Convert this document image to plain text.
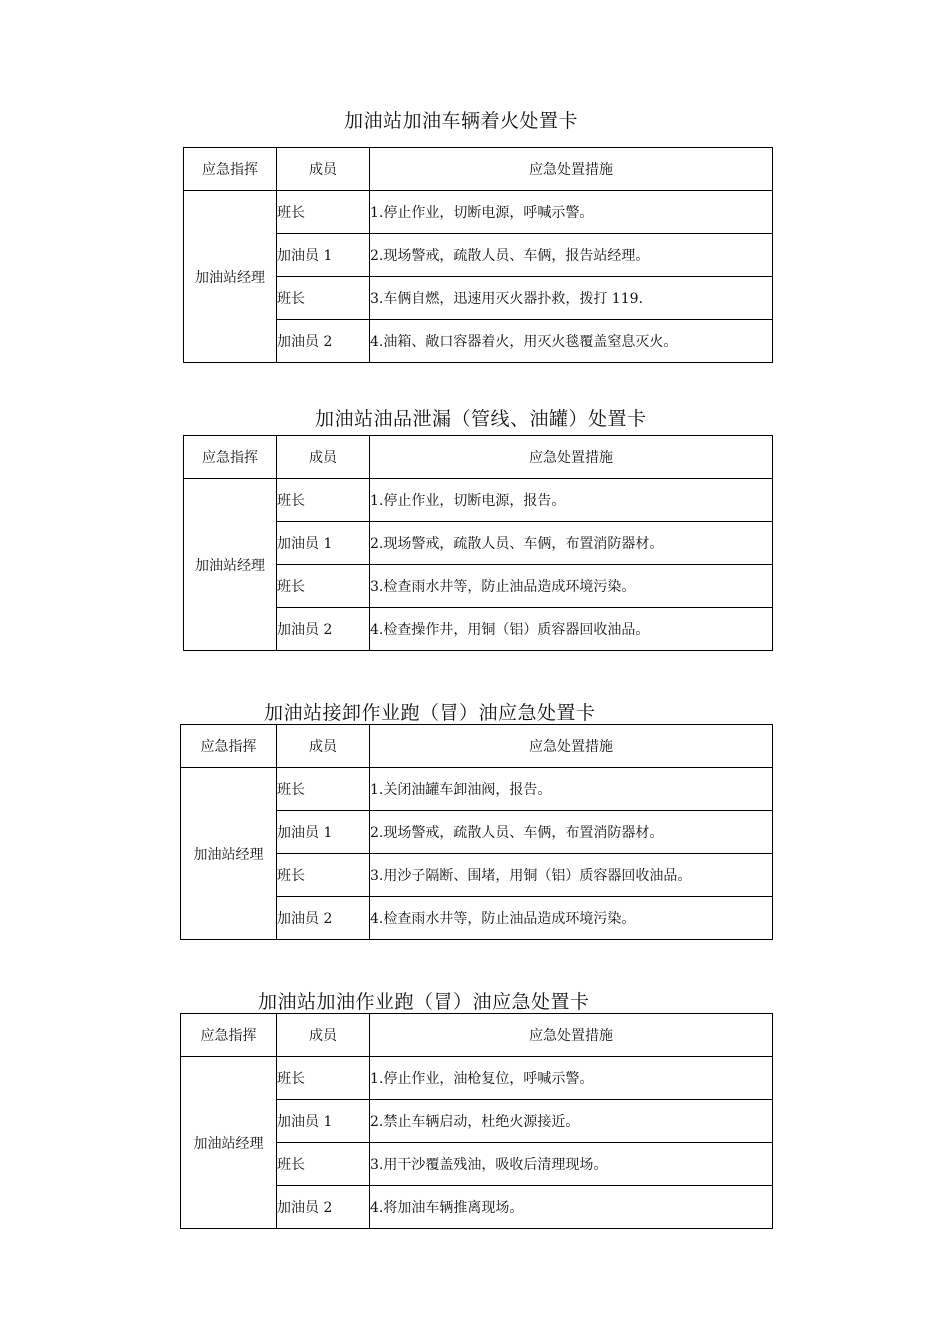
加油站加油车辆着火处置卡
应急指挥	成员	应急处置措施
加油站经理	班长	1.停止作业，切断电源，呼喊示警。
	加油员 1	2.现场警戒，疏散人员、车俩，报告站经理。
	班长	3.车俩自燃，迅速用灭火器扑救，拨打 119.
	加油员 2	4.油箱、敞口容器着火，用灭火毯覆盖窒息灭火。
加油站油品泄漏（管线、油罐）处置卡
应急指挥	成员	应急处置措施
加油站经理	班长	1.停止作业，切断电源，报告。
	加油员 1	2.现场警戒，疏散人员、车俩，布置消防器材。
	班长	3.检查雨水井等，防止油品造成环境污染。
	加油员 2	4.检查操作井，用铜（铝）质容器回收油品。
加油站接卸作业跑（冒）油应急处置卡
应急指挥	成员	应急处置措施
加油站经理	班长	1.关闭油罐车卸油阀，报告。
	加油员 1	2.现场警戒，疏散人员、车俩，布置消防器材。
	班长	3.用沙子隔断、围堵，用铜（铝）质容器回收油品。
	加油员 2	4.检查雨水井等，防止油品造成环境污染。
加油站加油作业跑（冒）油应急处置卡
应急指挥	成员	应急处置措施
加油站经理	班长	1.停止作业，油枪复位，呼喊示警。
	加油员 1	2.禁止车辆启动，杜绝火源接近。
	班长	3.用干沙覆盖残油，吸收后清理现场。
	加油员 2	4.将加油车辆推离现场。
